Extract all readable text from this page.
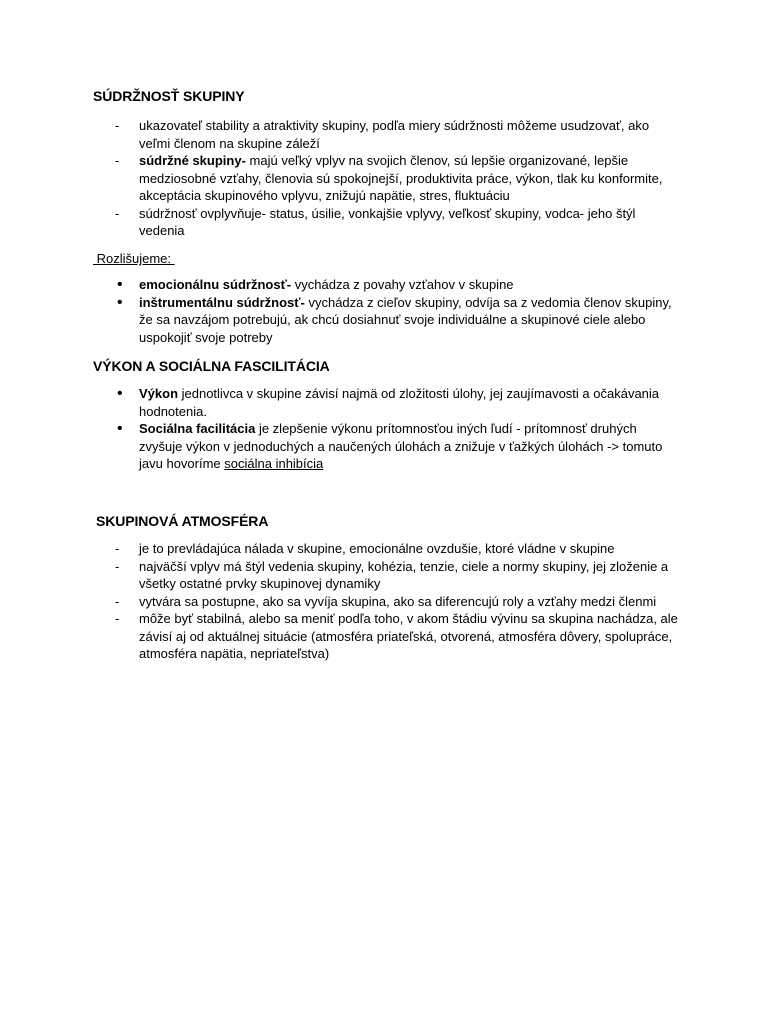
SÚDRŽNOSŤ SKUPINY
- ukazovateľ stability a atraktivity skupiny, podľa miery súdržnosti môžeme usudzovať, ako veľmi členom na skupine záleží
- súdržné skupiny- majú veľký vplyv na svojich členov, sú lepšie organizované, lepšie medziosobné vzťahy, členovia sú spokojnejší, produktivita práce, výkon, tlak ku konformite, akceptácia skupinového vplyvu, znižujú napätie, stres, fluktuáciu
- súdržnosť ovplyvňuje- status, úsilie, vonkajšie vplyvy, veľkosť skupiny, vodca- jeho štýl vedenia
Rozlišujeme:
• emocionálnu súdržnosť- vychádza z povahy vzťahov v skupine
• inštrumentálnu súdržnosť- vychádza z cieľov skupiny, odvíja sa z vedomia členov skupiny, že sa navzájom potrebujú, ak chcú dosiahnuť svoje individuálne a skupinové ciele alebo uspokojiť svoje potreby
VÝKON A SOCIÁLNA FASCILITÁCIA
• Výkon jednotlivca v skupine závisí najmä od zložitosti úlohy, jej zaujímavosti a očakávania hodnotenia.
• Sociálna facilitácia je zlepšenie výkonu prítomnosťou iných ľudí - prítomnosť druhých zvyšuje výkon v jednoduchých a naučených úlohách a znižuje v ťažkých úlohách -> tomuto javu hovoríme sociálna inhibícia
SKUPINOVÁ ATMOSFÉRA
- je to prevládajúca nálada v skupine, emocionálne ovzdušie, ktoré vládne v skupine
- najväčší vplyv má štýl vedenia skupiny, kohézia, tenzie, ciele a normy skupiny, jej zloženie a všetky ostatné prvky skupinovej dynamiky
- vytvára sa postupne, ako sa vyvíja skupina, ako sa diferencujú roly a vzťahy medzi členmi
- môže byť stabilná, alebo sa meniť podľa toho, v akom štádiu vývinu sa skupina nachádza, ale závisí aj od aktuálnej situácie (atmosféra priateľská, otvorená, atmosféra dôvery, spolupráce, atmosféra napätia, nepriateľstva)
